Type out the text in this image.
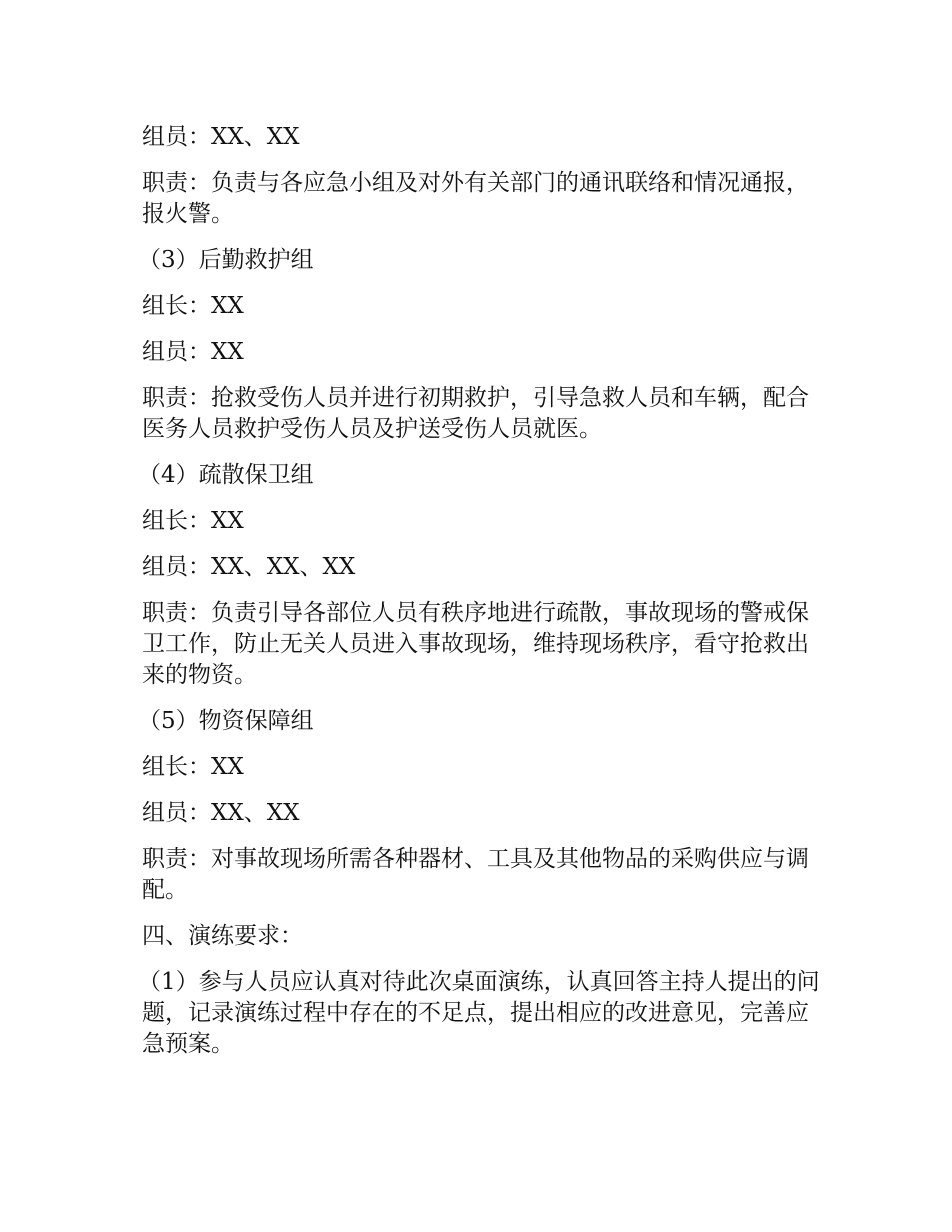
组员：XX、XX

职责：负责与各应急小组及对外有关部门的通讯联络和情况通报，报火警。

（3）后勤救护组

组长：XX

组员：XX

职责：抢救受伤人员并进行初期救护，引导急救人员和车辆，配合医务人员救护受伤人员及护送受伤人员就医。

（4）疏散保卫组

组长：XX

组员：XX、XX、XX

职责：负责引导各部位人员有秩序地进行疏散，事故现场的警戒保卫工作，防止无关人员进入事故现场，维持现场秩序，看守抢救出来的物资。

（5）物资保障组

组长：XX

组员：XX、XX

职责：对事故现场所需各种器材、工具及其他物品的采购供应与调配。

四、演练要求：

（1）参与人员应认真对待此次桌面演练，认真回答主持人提出的问题，记录演练过程中存在的不足点，提出相应的改进意见，完善应急预案。
